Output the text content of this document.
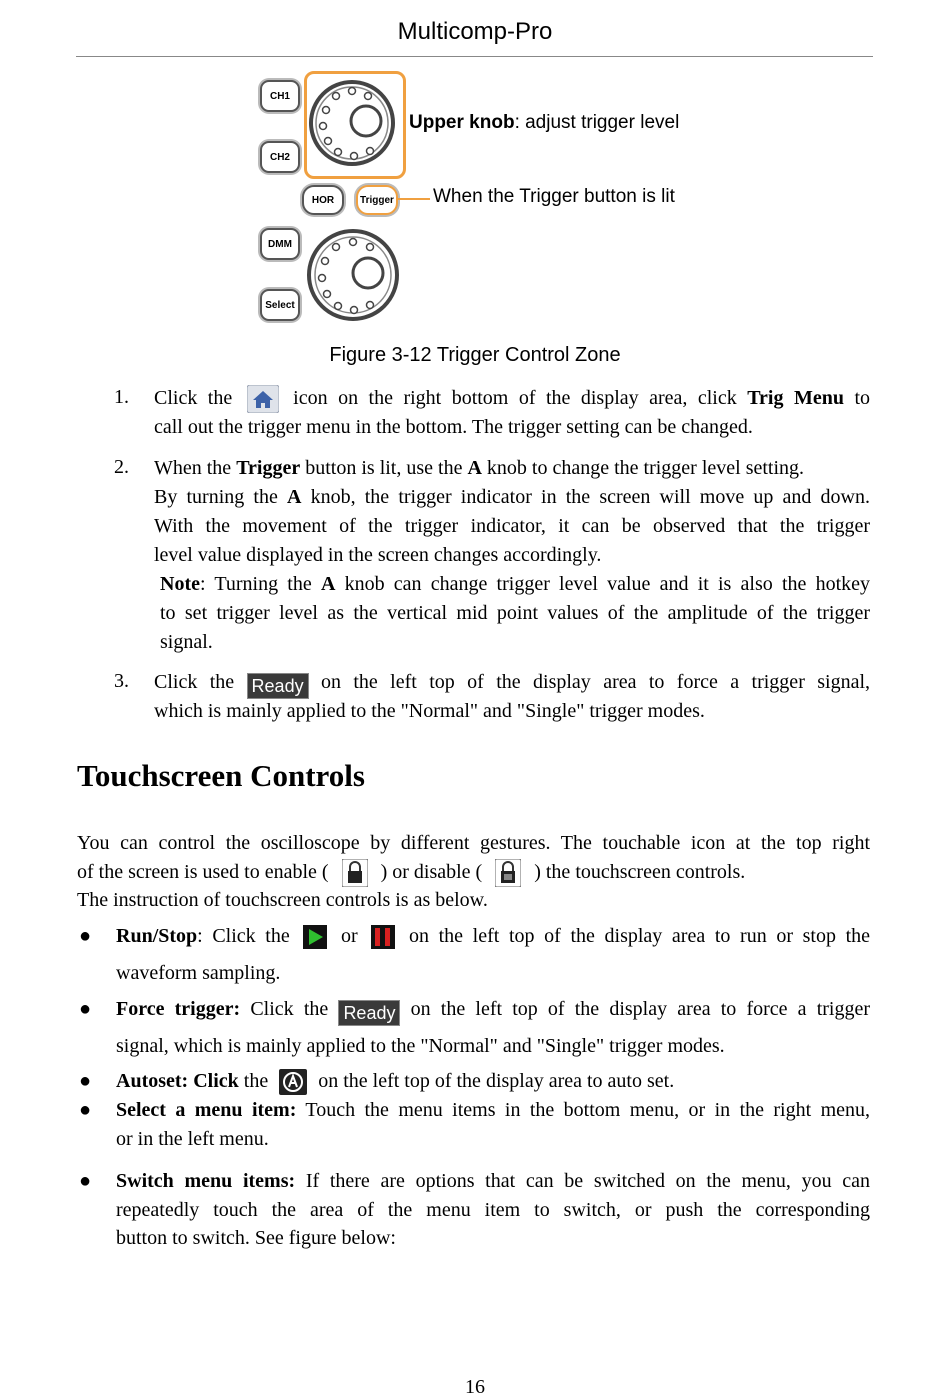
Multicomp-Pro
CH1
CH2
HOR	Trigger
DMM
Select
Upper knob: adjust trigger level
When the Trigger button is lit
Figure 3-12 Trigger Control Zone
1. Click the	icon on the right bottom of the display area, click Trig Menu to
call out the trigger menu in the bottom. The trigger setting can be changed.
2. When the Trigger button is lit, use the A knob to change the trigger level setting.
By turning the A knob, the trigger indicator in the screen will move up and down.
With the movement of the trigger indicator, it can be observed that the trigger
level value displayed in the screen changes accordingly.
Note: Turning the A knob can change trigger level value and it is also the hotkey
to set trigger level as the vertical mid point values of the amplitude of the trigger
signal.
3. Click the Ready on the left top of the display area to force a trigger signal,
which is mainly applied to the "Normal" and "Single" trigger modes.
Touchscreen Controls
You can control the oscilloscope by different gestures. The touchable icon at the top right
of the screen is used to enable (	) or disable (	) the touchscreen controls.
The instruction of touchscreen controls is as below.
● Run/Stop: Click the	or	on the left top of the display area to run or stop the
waveform sampling.
● Force trigger: Click the Ready on the left top of the display area to force a trigger
signal, which is mainly applied to the "Normal" and "Single" trigger modes.
● Autoset: Click the	on the left top of the display area to auto set.
● Select a menu item: Touch the menu items in the bottom menu, or in the right menu,
or in the left menu.
● Switch menu items: If there are options that can be switched on the menu, you can
repeatedly touch the area of the menu item to switch, or push the corresponding
button to switch. See figure below:
16
